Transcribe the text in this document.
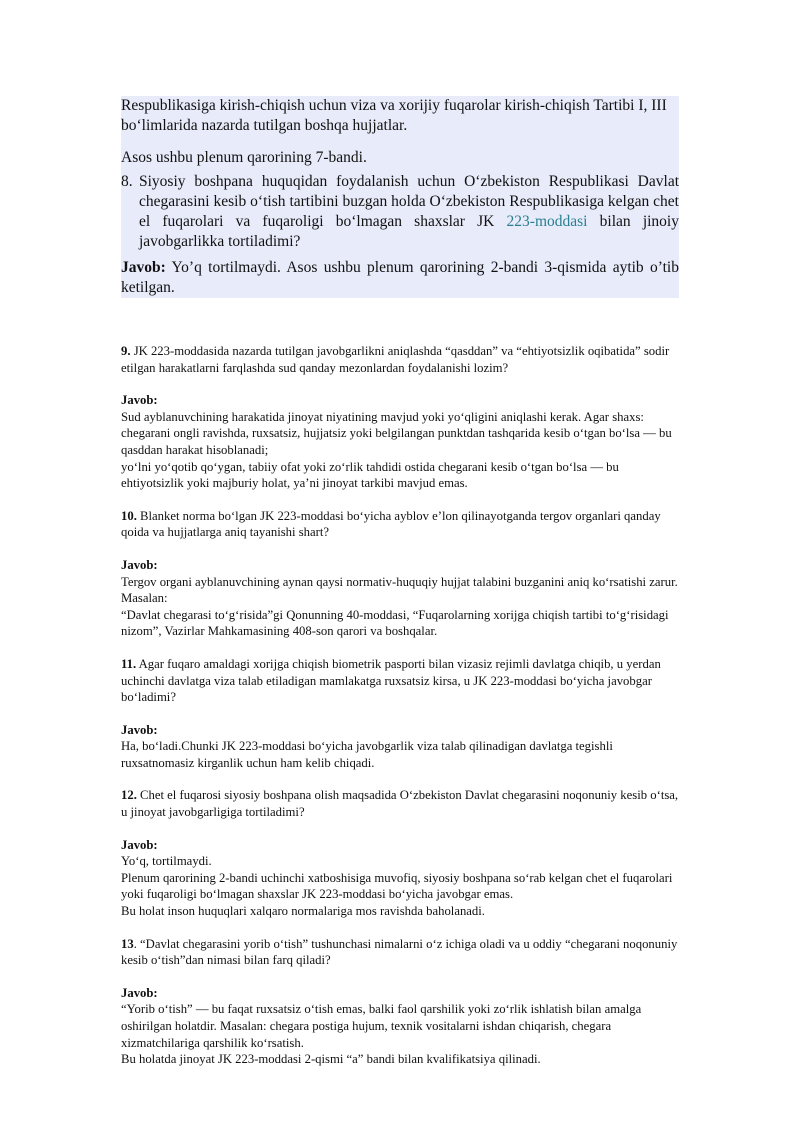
Respublikasiga kirish-chiqish uchun viza va xorijiy fuqarolar kirish-chiqish Tartibi I, III bo‘limlarida nazarda tutilgan boshqa hujjatlar.

Asos ushbu plenum qarorining 7-bandi.

8. Siyosiy boshpana huquqidan foydalanish uchun O‘zbekiston Respublikasi Davlat chegarasini kesib o‘tish tartibini buzgan holda O‘zbekiston Respublikasiga kelgan chet el fuqarolari va fuqaroligi bo‘lmagan shaxslar JK 223-moddasi bilan jinoiy javobgarlikka tortiladimi?

Javob: Yo’q tortilmaydi. Asos ushbu plenum qarorining 2-bandi 3-qismida aytib o’tib ketilgan.

9. JK 223-moddasida nazarda tutilgan javobgarlikni aniqlashda “qasddan” va “ehtiyotsizlik oqibatida” sodir etilgan harakatlarni farqlashda sud qanday mezonlardan foydalanishi lozim?

Javob:

Sud ayblanuvchining harakatida jinoyat niyatining mavjud yoki yo‘qligini aniqlashi kerak. Agar shaxs: chegarani ongli ravishda, ruxsatsiz, hujjatsiz yoki belgilangan punktdan tashqarida kesib o‘tgan bo‘lsa — bu qasddan harakat hisoblanadi;

yo‘lni yo‘qotib qo‘ygan, tabiiy ofat yoki zo‘rlik tahdidi ostida chegarani kesib o‘tgan bo‘lsa — bu ehtiyotsizlik yoki majburiy holat, ya’ni jinoyat tarkibi mavjud emas.

10. Blanket norma bo‘lgan JK 223-moddasi bo‘yicha ayblov e’lon qilinayotganda tergov organlari qanday qoida va hujjatlarga aniq tayanishi shart?

Javob:

Tergov organi ayblanuvchining aynan qaysi normativ-huquqiy hujjat talabini buzganini aniq ko‘rsatishi zarur. Masalan:

“Davlat chegarasi to‘g‘risida”gi Qonunning 40-moddasi, “Fuqarolarning xorijga chiqish tartibi to‘g‘risidagi nizom”, Vazirlar Mahkamasining 408-son qarori va boshqalar.

11. Agar fuqaro amaldagi xorijga chiqish biometrik pasporti bilan vizasiz rejimli davlatga chiqib, u yerdan uchinchi davlatga viza talab etiladigan mamlakatga ruxsatsiz kirsa, u JK 223-moddasi bo‘yicha javobgar bo‘ladimi?

Javob:

Ha, bo‘ladi.Chunki JK 223-moddasi bo‘yicha javobgarlik viza talab qilinadigan davlatga tegishli ruxsatnomasiz kirganlik uchun ham kelib chiqadi.

12. Chet el fuqarosi siyosiy boshpana olish maqsadida O‘zbekiston Davlat chegarasini noqonuniy kesib o‘tsa, u jinoyat javobgarligiga tortiladimi?

Javob:

Yo‘q, tortilmaydi.

Plenum qarorining 2-bandi uchinchi xatboshisiga muvofiq, siyosiy boshpana so‘rab kelgan chet el fuqarolari yoki fuqaroligi bo‘lmagan shaxslar JK 223-moddasi bo‘yicha javobgar emas.

Bu holat inson huquqlari xalqaro normalariga mos ravishda baholanadi.

13. “Davlat chegarasini yorib o‘tish” tushunchasi nimalarni o‘z ichiga oladi va u oddiy “chegarani noqonuniy kesib o‘tish”dan nimasi bilan farq qiladi?

Javob:

“Yorib o‘tish” — bu faqat ruxsatsiz o‘tish emas, balki faol qarshilik yoki zo‘rlik ishlatish bilan amalga oshirilgan holatdir. Masalan: chegara postiga hujum, texnik vositalarni ishdan chiqarish, chegara xizmatchilariga qarshilik ko‘rsatish.

Bu holatda jinoyat JK 223-moddasi 2-qismi “a” bandi bilan kvalifikatsiya qilinadi.
